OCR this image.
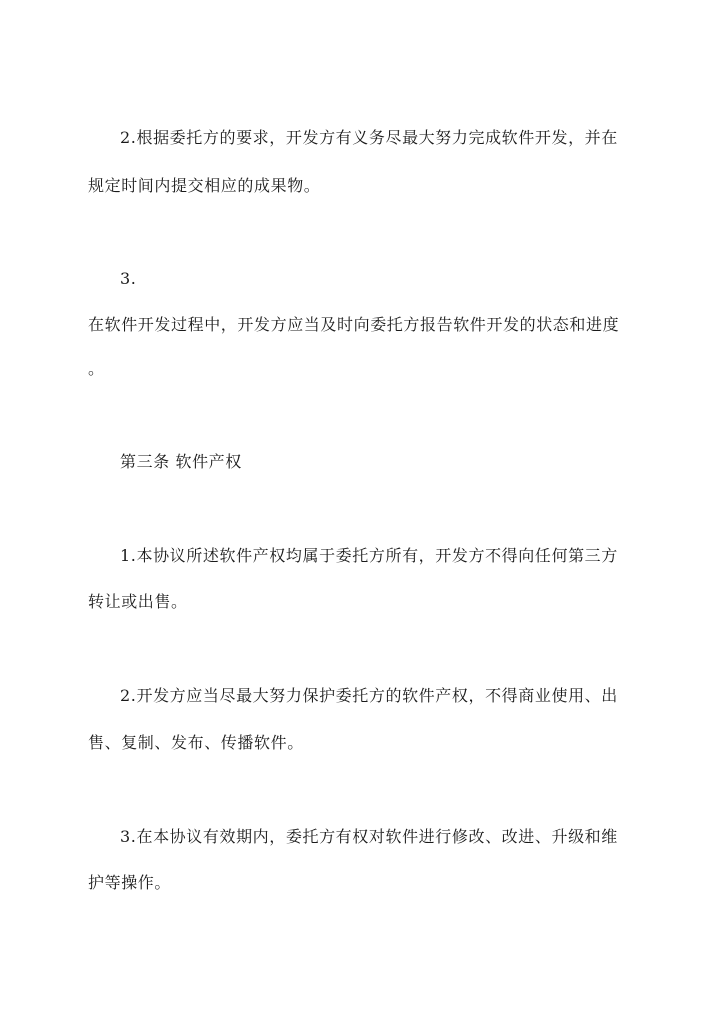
2.根据委托方的要求，开发方有义务尽最大努力完成软件开发，并在
规定时间内提交相应的成果物。
3.
在软件开发过程中，开发方应当及时向委托方报告软件开发的状态和进度
。
第三条 软件产权
1.本协议所述软件产权均属于委托方所有，开发方不得向任何第三方
转让或出售。
2.开发方应当尽最大努力保护委托方的软件产权，不得商业使用、出
售、复制、发布、传播软件。
3.在本协议有效期内，委托方有权对软件进行修改、改进、升级和维
护等操作。
